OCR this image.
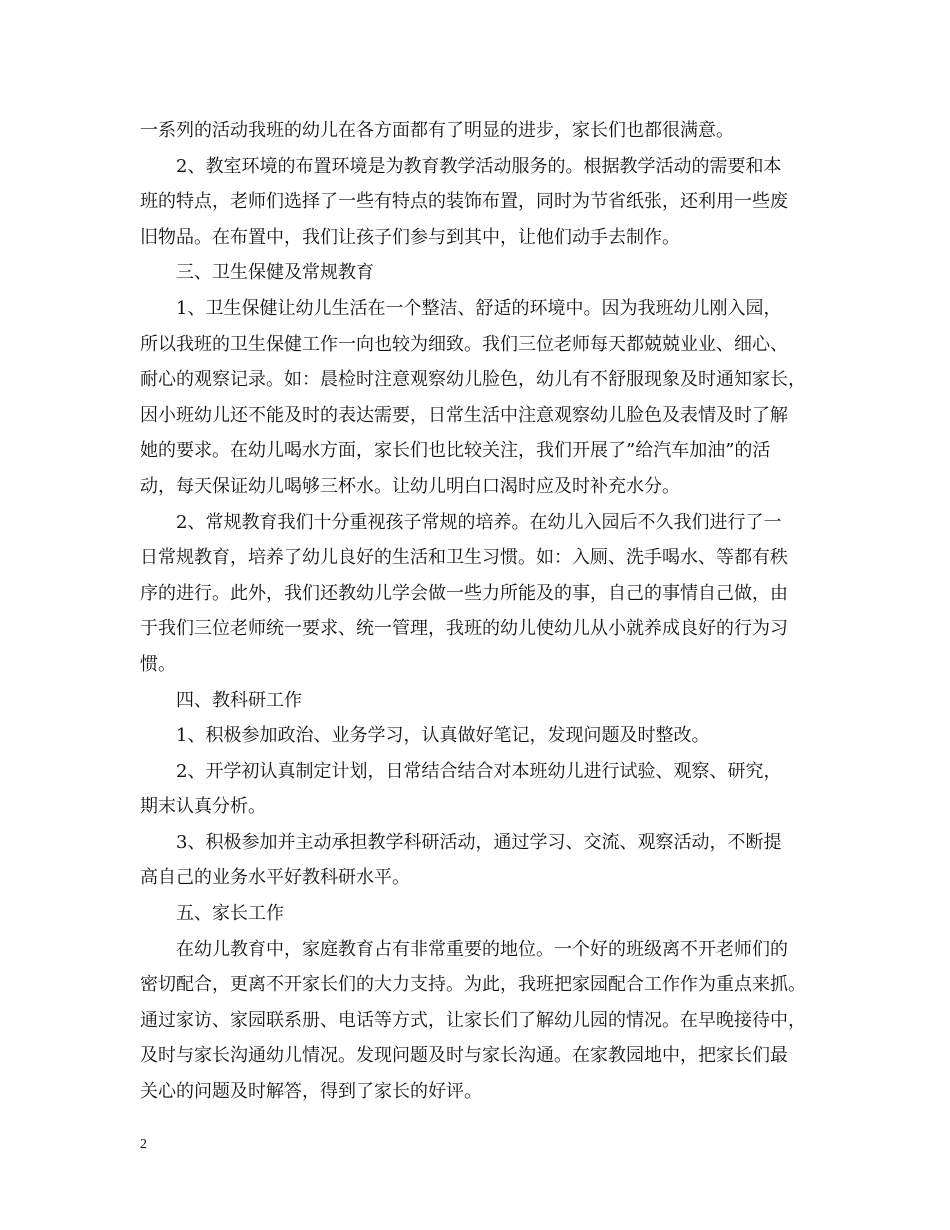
一系列的活动我班的幼儿在各方面都有了明显的进步，家长们也都很满意。
2、教室环境的布置环境是为教育教学活动服务的。根据教学活动的需要和本
班的特点，老师们选择了一些有特点的装饰布置，同时为节省纸张，还利用一些废
旧物品。在布置中，我们让孩子们参与到其中，让他们动手去制作。
三、卫生保健及常规教育
1、卫生保健让幼儿生活在一个整洁、舒适的环境中。因为我班幼儿刚入园，
所以我班的卫生保健工作一向也较为细致。我们三位老师每天都兢兢业业、细心、
耐心的观察记录。如：晨检时注意观察幼儿脸色，幼儿有不舒服现象及时通知家长，
因小班幼儿还不能及时的表达需要，日常生活中注意观察幼儿脸色及表情及时了解
她的要求。在幼儿喝水方面，家长们也比较关注，我们开展了”给汽车加油”的活
动，每天保证幼儿喝够三杯水。让幼儿明白口渴时应及时补充水分。
2、常规教育我们十分重视孩子常规的培养。在幼儿入园后不久我们进行了一
日常规教育，培养了幼儿良好的生活和卫生习惯。如：入厕、洗手喝水、等都有秩
序的进行。此外，我们还教幼儿学会做一些力所能及的事，自己的事情自己做，由
于我们三位老师统一要求、统一管理，我班的幼儿使幼儿从小就养成良好的行为习
惯。
四、教科研工作
1、积极参加政治、业务学习，认真做好笔记，发现问题及时整改。
2、开学初认真制定计划，日常结合结合对本班幼儿进行试验、观察、研究，
期末认真分析。
3、积极参加并主动承担教学科研活动，通过学习、交流、观察活动，不断提
高自己的业务水平好教科研水平。
五、家长工作
在幼儿教育中，家庭教育占有非常重要的地位。一个好的班级离不开老师们的
密切配合，更离不开家长们的大力支持。为此，我班把家园配合工作作为重点来抓。
通过家访、家园联系册、电话等方式，让家长们了解幼儿园的情况。在早晚接待中，
及时与家长沟通幼儿情况。发现问题及时与家长沟通。在家教园地中，把家长们最
关心的问题及时解答，得到了家长的好评。
2
